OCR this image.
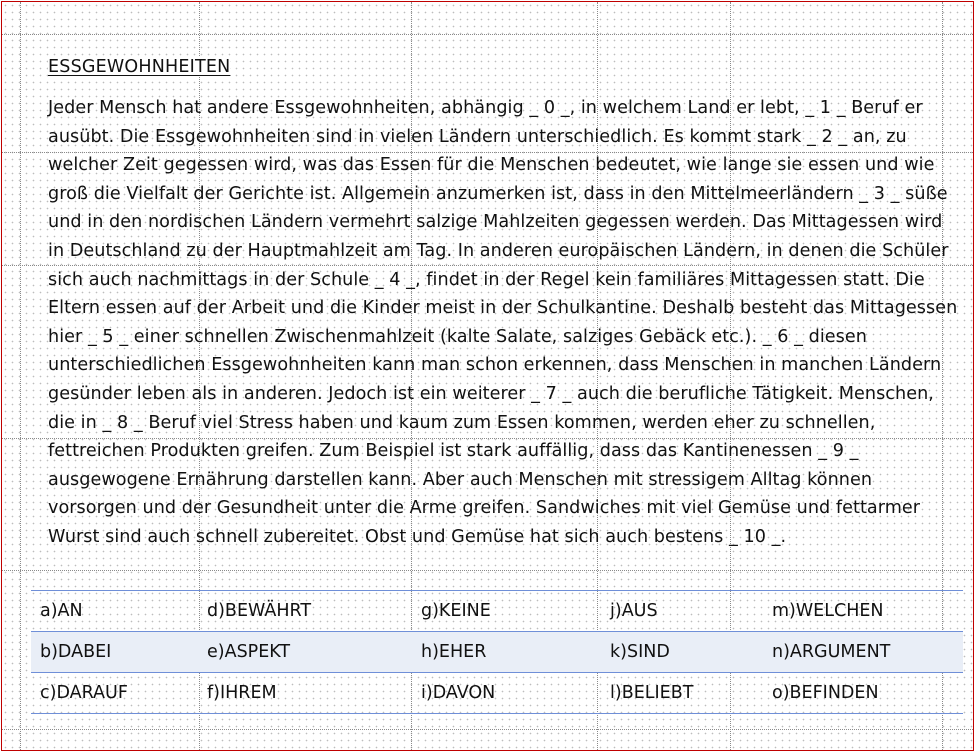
ESSGEWOHNHEITEN
Jeder Mensch hat andere Essgewohnheiten, abhängig _ 0 _, in welchem Land er lebt, _ 1 _ Beruf er
ausübt. Die Essgewohnheiten sind in vielen Ländern unterschiedlich. Es kommt stark _ 2 _ an, zu
welcher Zeit gegessen wird, was das Essen für die Menschen bedeutet, wie lange sie essen und wie
groß die Vielfalt der Gerichte ist. Allgemein anzumerken ist, dass in den Mittelmeerländern _ 3 _ süße
und in den nordischen Ländern vermehrt salzige Mahlzeiten gegessen werden. Das Mittagessen wird
in Deutschland zu der Hauptmahlzeit am Tag. In anderen europäischen Ländern, in denen die Schüler
sich auch nachmittags in der Schule _ 4 _, findet in der Regel kein familiäres Mittagessen statt. Die
Eltern essen auf der Arbeit und die Kinder meist in der Schulkantine. Deshalb besteht das Mittagessen
hier _ 5 _ einer schnellen Zwischenmahlzeit (kalte Salate, salziges Gebäck etc.). _ 6 _ diesen
unterschiedlichen Essgewohnheiten kann man schon erkennen, dass Menschen in manchen Ländern
gesünder leben als in anderen. Jedoch ist ein weiterer _ 7 _ auch die berufliche Tätigkeit. Menschen,
die in _ 8 _ Beruf viel Stress haben und kaum zum Essen kommen, werden eher zu schnellen,
fettreichen Produkten greifen. Zum Beispiel ist stark auffällig, dass das Kantinenessen _ 9 _
ausgewogene Ernährung darstellen kann. Aber auch Menschen mit stressigem Alltag können
vorsorgen und der Gesundheit unter die Arme greifen. Sandwiches mit viel Gemüse und fettarmer
Wurst sind auch schnell zubereitet. Obst und Gemüse hat sich auch bestens _ 10 _.
a)AN	d)BEWÄHRT	g)KEINE	j)AUS	m)WELCHEN
b)DABEI	e)ASPEKT	h)EHER	k)SIND	n)ARGUMENT
c)DARAUF	f)IHREM	i)DAVON	l)BELIEBT	o)BEFINDEN
